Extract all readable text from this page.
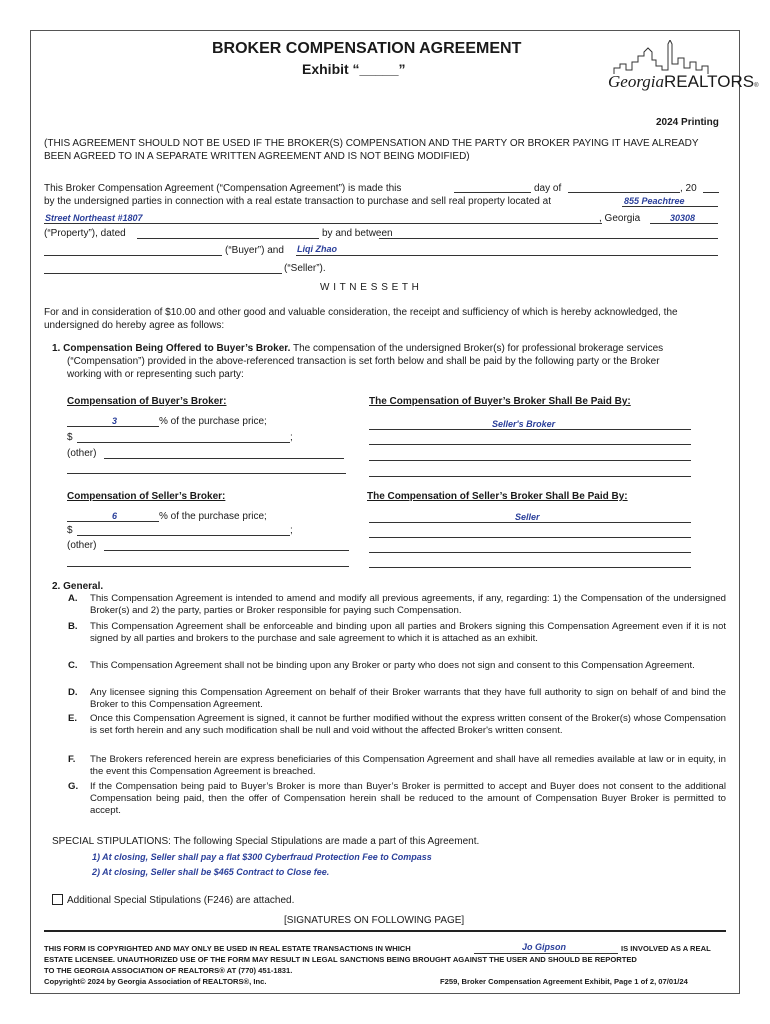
BROKER COMPENSATION AGREEMENT
Exhibit “_____”
GeorgiaREALTORS®
2024 Printing
(THIS AGREEMENT SHOULD NOT BE USED IF THE BROKER(S) COMPENSATION AND THE PARTY OR BROKER PAYING IT HAVE ALREADY BEEN AGREED TO IN A SEPARATE WRITTEN AGREEMENT AND IS NOT BEING MODIFIED)
This Broker Compensation Agreement (“Compensation Agreement”) is made this	day of	, 20
by the undersigned parties in connection with a real estate transaction to purchase and sell real property located at	855 Peachtree
Street Northeast #1807	, Georgia	30308
(“Property”), dated	by and between
(“Buyer”) and Liqi Zhao
(“Seller”).
W I T N E S S E T H
For and in consideration of $10.00 and other good and valuable consideration, the receipt and sufficiency of which is hereby acknowledged, the undersigned do hereby agree as follows:
1. Compensation Being Offered to Buyer’s Broker. The compensation of the undersigned Broker(s) for professional brokerage services
(“Compensation”) provided in the above-referenced transaction is set forth below and shall be paid by the following party or the Broker
working with or representing such party:
Compensation of Buyer’s Broker:	The Compensation of Buyer’s Broker Shall Be Paid By:
3	% of the purchase price;	Seller's Broker
$	;
(other)
Compensation of Seller’s Broker:	The Compensation of Seller’s Broker Shall Be Paid By:
6	% of the purchase price;	Seller
$	;
(other)
2. General.
A. This Compensation Agreement is intended to amend and modify all previous agreements, if any, regarding: 1) the Compensation of the undersigned Broker(s) and 2) the party, parties or Broker responsible for paying such Compensation.
B. This Compensation Agreement shall be enforceable and binding upon all parties and Brokers signing this Compensation Agreement even if it is not signed by all parties and brokers to the purchase and sale agreement to which it is attached as an exhibit.
C. This Compensation Agreement shall not be binding upon any Broker or party who does not sign and consent to this Compensation Agreement.
D. Any licensee signing this Compensation Agreement on behalf of their Broker warrants that they have full authority to sign on behalf of and bind the Broker to this Compensation Agreement.
E. Once this Compensation Agreement is signed, it cannot be further modified without the express written consent of the Broker(s) whose Compensation is set forth herein and any such modification shall be null and void without the affected Broker's written consent.
F. The Brokers referenced herein are express beneficiaries of this Compensation Agreement and shall have all remedies available at law or in equity, in the event this Compensation Agreement is breached.
G. If the Compensation being paid to Buyer’s Broker is more than Buyer’s Broker is permitted to accept and Buyer does not consent to the additional Compensation being paid, then the offer of Compensation herein shall be reduced to the amount of Compensation Buyer Broker is permitted to accept.
SPECIAL STIPULATIONS: The following Special Stipulations are made a part of this Agreement.
1) At closing, Seller shall pay a flat $300 Cyberfraud Protection Fee to Compass
2) At closing, Seller shall be $465 Contract to Close fee.
Additional Special Stipulations (F246) are attached.
[SIGNATURES ON FOLLOWING PAGE]
THIS FORM IS COPYRIGHTED AND MAY ONLY BE USED IN REAL ESTATE TRANSACTIONS IN WHICH	Jo Gipson	IS INVOLVED AS A REAL
ESTATE LICENSEE. UNAUTHORIZED USE OF THE FORM MAY RESULT IN LEGAL SANCTIONS BEING BROUGHT AGAINST THE USER AND SHOULD BE REPORTED
TO THE GEORGIA ASSOCIATION OF REALTORS® AT (770) 451-1831.
Copyright© 2024 by Georgia Association of REALTORS®, Inc.	F259, Broker Compensation Agreement Exhibit, Page 1 of 2, 07/01/24
